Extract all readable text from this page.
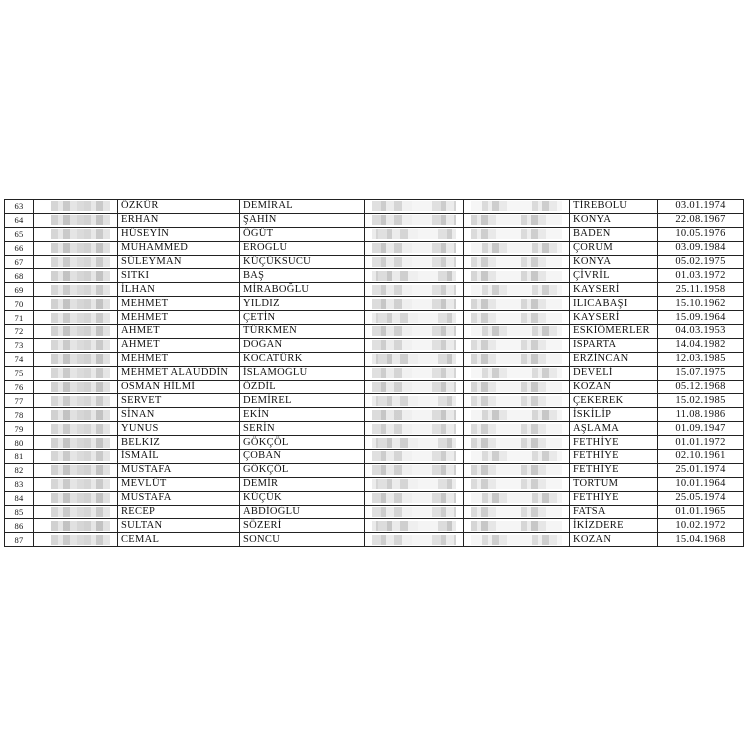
63		ÖZKÜR	DEMİRAL			TİREBOLU	03.01.1974
64		ERHAN	ŞAHİN			KONYA	22.08.1967
65		HÜSEYİN	ÖĞÜT			BADEN	10.05.1976
66		MUHAMMED	EROĞLU			ÇORUM	03.09.1984
67		SÜLEYMAN	KÜÇÜKSUCU			KONYA	05.02.1975
68		SITKI	BAŞ			ÇİVRİL	01.03.1972
69		İLHAN	MİRABOĞLU			KAYSERİ	25.11.1958
70		MEHMET	YILDIZ			ILICABAŞI	15.10.1962
71		MEHMET	ÇETİN			KAYSERİ	15.09.1964
72		AHMET	TÜRKMEN			ESKİÖMERLER	04.03.1953
73		AHMET	DOĞAN			ISPARTA	14.04.1982
74		MEHMET	KOCATÜRK			ERZİNCAN	12.03.1985
75		MEHMET ALAUDDİN	İSLAMOĞLU			DEVELİ	15.07.1975
76		OSMAN HİLMİ	ÖZDİL			KOZAN	05.12.1968
77		SERVET	DEMİREL			ÇEKEREK	15.02.1985
78		SİNAN	EKİN			İSKİLİP	11.08.1986
79		YUNUS	SERİN			AŞLAMA	01.09.1947
80		BELKIZ	GÖKÇÖL			FETHİYE	01.01.1972
81		İSMAİL	ÇOBAN			FETHİYE	02.10.1961
82		MUSTAFA	GÖKÇÖL			FETHİYE	25.01.1974
83		MEVLÜT	DEMİR			TORTUM	10.01.1964
84		MUSTAFA	KÜÇÜK			FETHİYE	25.05.1974
85		RECEP	ABDİOĞLU			FATSA	01.01.1965
86		SULTAN	SÖZERİ			İKİZDERE	10.02.1972
87		CEMAL	SONCU			KOZAN	15.04.1968
